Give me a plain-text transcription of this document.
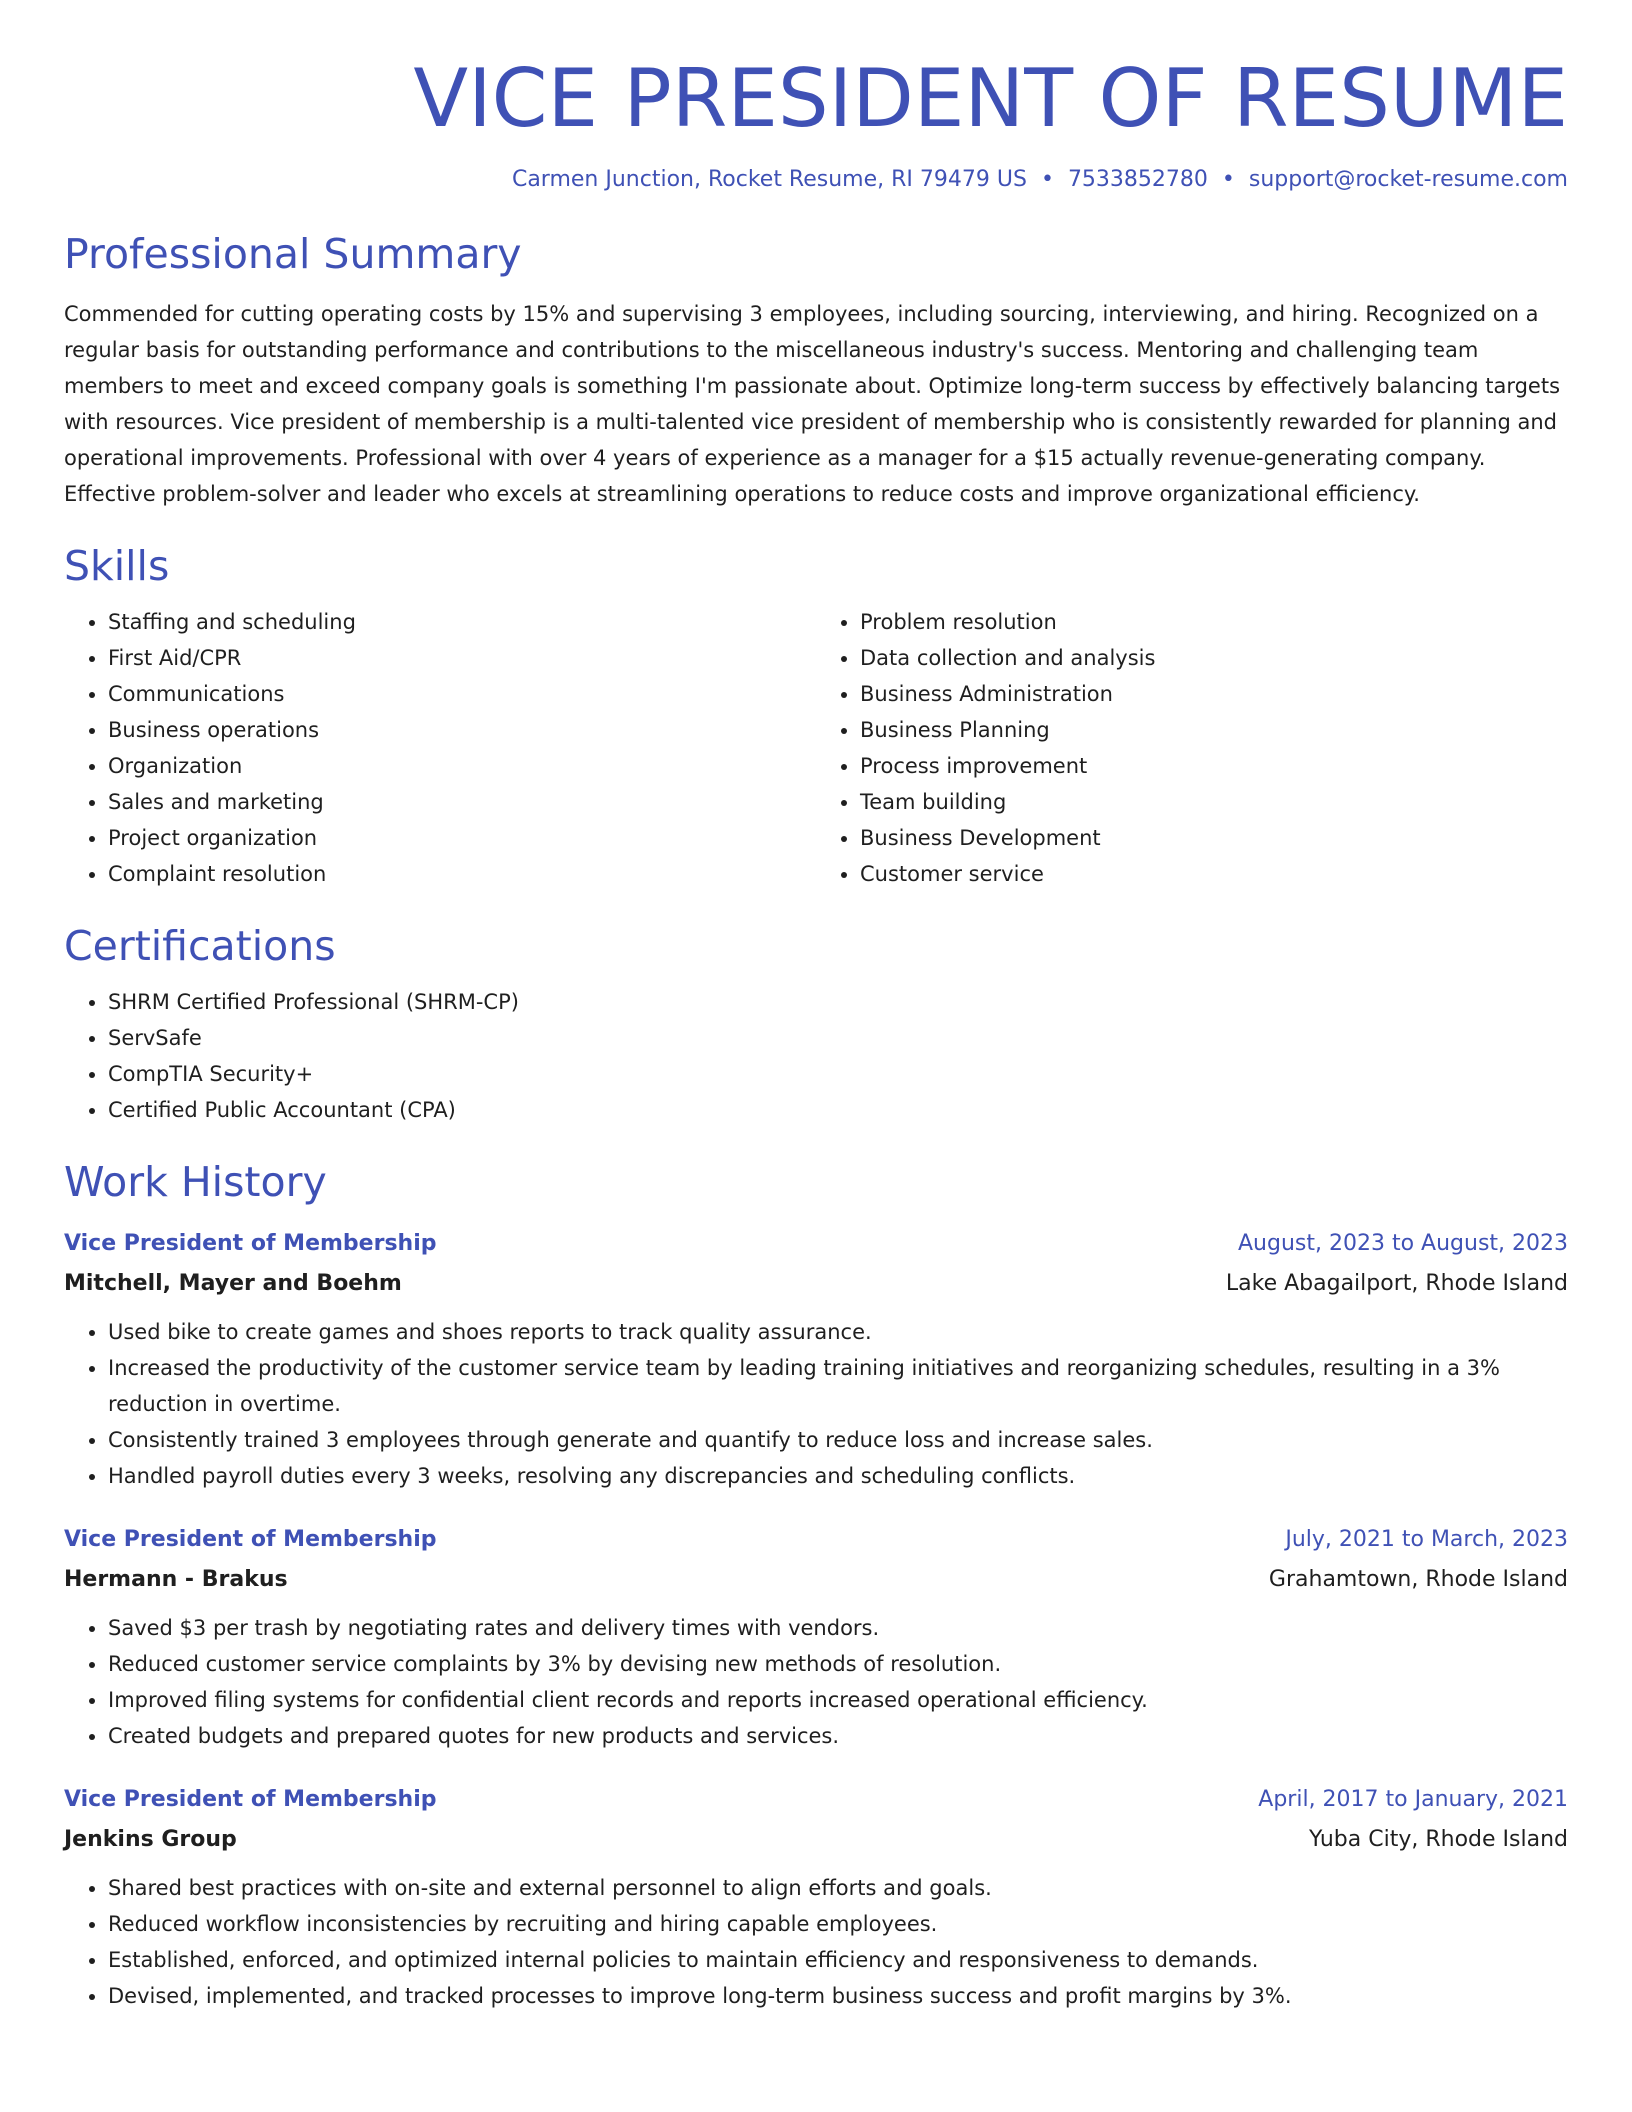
VICE PRESIDENT OF RESUME
Carmen Junction, Rocket Resume, RI 79479 US • 7533852780 • support@rocket-resume.com
Professional Summary

Commended for cutting operating costs by 15% and supervising 3 employees, including sourcing, interviewing, and hiring. Recognized on a regular basis for outstanding performance and contributions to the miscellaneous industry's success. Mentoring and challenging team members to meet and exceed company goals is something I'm passionate about. Optimize long-term success by effectively balancing targets with resources. Vice president of membership is a multi-talented vice president of membership who is consistently rewarded for planning and operational improvements. Professional with over 4 years of experience as a manager for a $15 actually revenue-generating company. Effective problem-solver and leader who excels at streamlining operations to reduce costs and improve organizational efficiency.

Skills
• Staffing and scheduling
• First Aid/CPR
• Communications
• Business operations
• Organization
• Sales and marketing
• Project organization
• Complaint resolution
• Problem resolution
• Data collection and analysis
• Business Administration
• Business Planning
• Process improvement
• Team building
• Business Development
• Customer service
Certifications
• SHRM Certified Professional (SHRM-CP)
• ServSafe
• CompTIA Security+
• Certified Public Accountant (CPA)
Work History
Vice President of Membership	August, 2023 to August, 2023
Mitchell, Mayer and Boehm	Lake Abagailport, Rhode Island
• Used bike to create games and shoes reports to track quality assurance.
• Increased the productivity of the customer service team by leading training initiatives and reorganizing schedules, resulting in a 3% reduction in overtime.
• Consistently trained 3 employees through generate and quantify to reduce loss and increase sales.
• Handled payroll duties every 3 weeks, resolving any discrepancies and scheduling conflicts.
Vice President of Membership	July, 2021 to March, 2023
Hermann - Brakus	Grahamtown, Rhode Island
• Saved $3 per trash by negotiating rates and delivery times with vendors.
• Reduced customer service complaints by 3% by devising new methods of resolution.
• Improved filing systems for confidential client records and reports increased operational efficiency.
• Created budgets and prepared quotes for new products and services.
Vice President of Membership	April, 2017 to January, 2021
Jenkins Group	Yuba City, Rhode Island
• Shared best practices with on-site and external personnel to align efforts and goals.
• Reduced workflow inconsistencies by recruiting and hiring capable employees.
• Established, enforced, and optimized internal policies to maintain efficiency and responsiveness to demands.
• Devised, implemented, and tracked processes to improve long-term business success and profit margins by 3%.
